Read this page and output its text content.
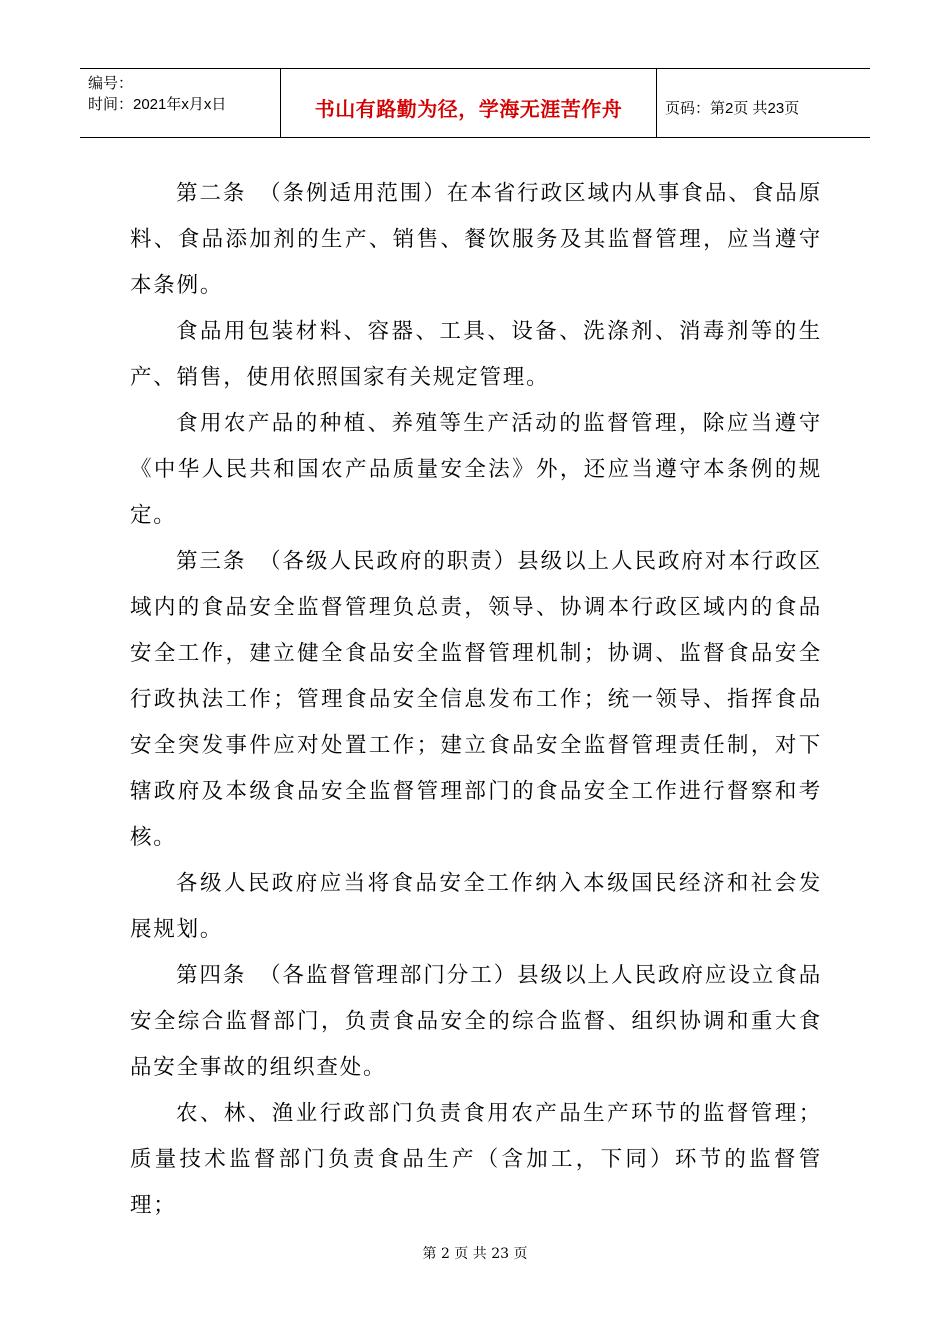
编号：
时间：2021年x月x日	书山有路勤为径，学海无涯苦作舟	页码：第2页 共23页

第二条　（条例适用范围）在本省行政区域内从事食品、食品原料、食品添加剂的生产、销售、餐饮服务及其监督管理，应当遵守本条例。

食品用包装材料、容器、工具、设备、洗涤剂、消毒剂等的生产、销售，使用依照国家有关规定管理。

食用农产品的种植、养殖等生产活动的监督管理，除应当遵守《中华人民共和国农产品质量安全法》外，还应当遵守本条例的规定。

第三条　（各级人民政府的职责）县级以上人民政府对本行政区域内的食品安全监督管理负总责，领导、协调本行政区域内的食品安全工作，建立健全食品安全监督管理机制；协调、监督食品安全行政执法工作；管理食品安全信息发布工作；统一领导、指挥食品安全突发事件应对处置工作；建立食品安全监督管理责任制，对下辖政府及本级食品安全监督管理部门的食品安全工作进行督察和考核。

各级人民政府应当将食品安全工作纳入本级国民经济和社会发展规划。

第四条　（各监督管理部门分工）县级以上人民政府应设立食品安全综合监督部门，负责食品安全的综合监督、组织协调和重大食品安全事故的组织查处。

农、林、渔业行政部门负责食用农产品生产环节的监督管理；质量技术监督部门负责食品生产（含加工，下同）环节的监督管理；

第 2 页 共 23 页
